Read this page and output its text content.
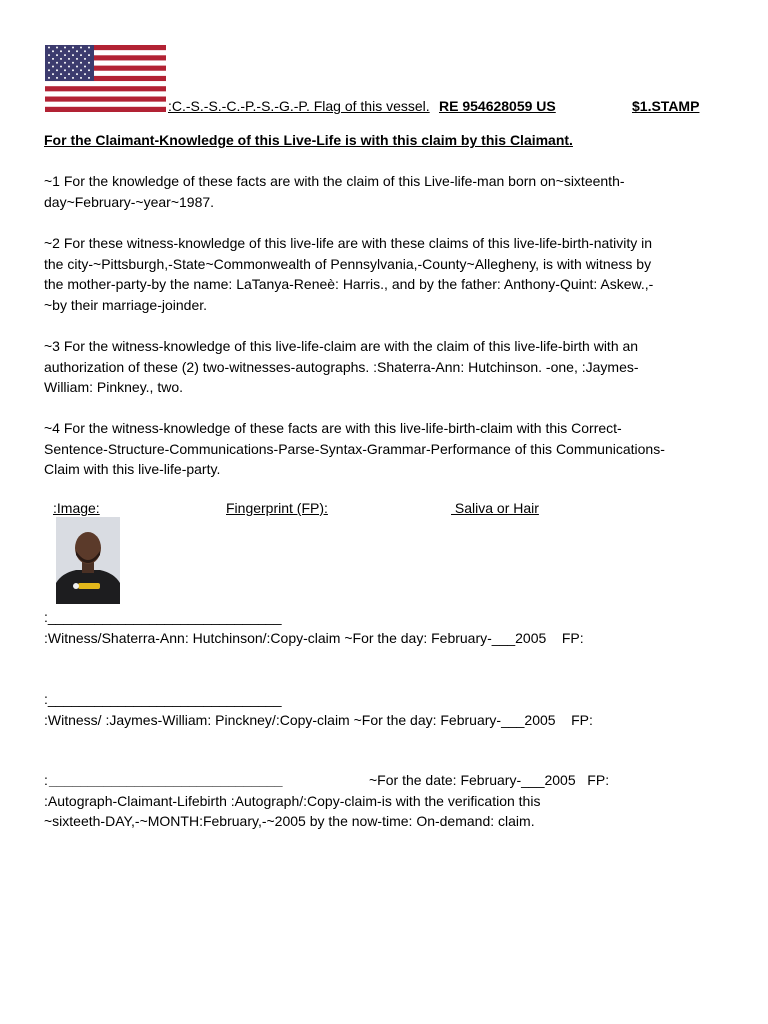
:C.-S.-S.-C.-P.-S.-G.-P. Flag of this vessel. RE 954628059 US	$1.STAMP
For the Claimant-Knowledge of this Live-Life is with this claim by this Claimant.
~1 For the knowledge of these facts are with the claim of this Live-life-man born on~sixteenth-
day~February-~year~1987.
~2 For these witness-knowledge of this live-life are with these claims of this live-life-birth-nativity in
the city-~Pittsburgh,-State~Commonwealth of Pennsylvania,-County~Allegheny, is with witness by
the mother-party-by the name: LaTanya-Reneè: Harris., and by the father: Anthony-Quint: Askew.,-
~by their marriage-joinder.
~3 For the witness-knowledge of this live-life-claim are with the claim of this live-life-birth with an
authorization of these (2) two-witnesses-autographs. :Shaterra-Ann: Hutchinson. -one, :Jaymes-
William: Pinkney., two.
~4 For the witness-knowledge of these facts are with this live-life-birth-claim with this Correct-
Sentence-Structure-Communications-Parse-Syntax-Grammar-Performance of this Communications-
Claim with this live-life-party.
:Image:	Fingerprint (FP):	Saliva or Hair
:______________________________
:Witness/Shaterra-Ann: Hutchinson/:Copy-claim ~For the day: February-___2005    FP:
:______________________________
:Witness/ :Jaymes-William: Pinckney/:Copy-claim ~For the day: February-___2005    FP:
: ______________________________	~For the date: February-___2005   FP:
:Autograph-Claimant-Lifebirth :Autograph/:Copy-claim-is with the verification this
~sixteeth-DAY,-~MONTH:February,-~2005 by the now-time: On-demand: claim.
